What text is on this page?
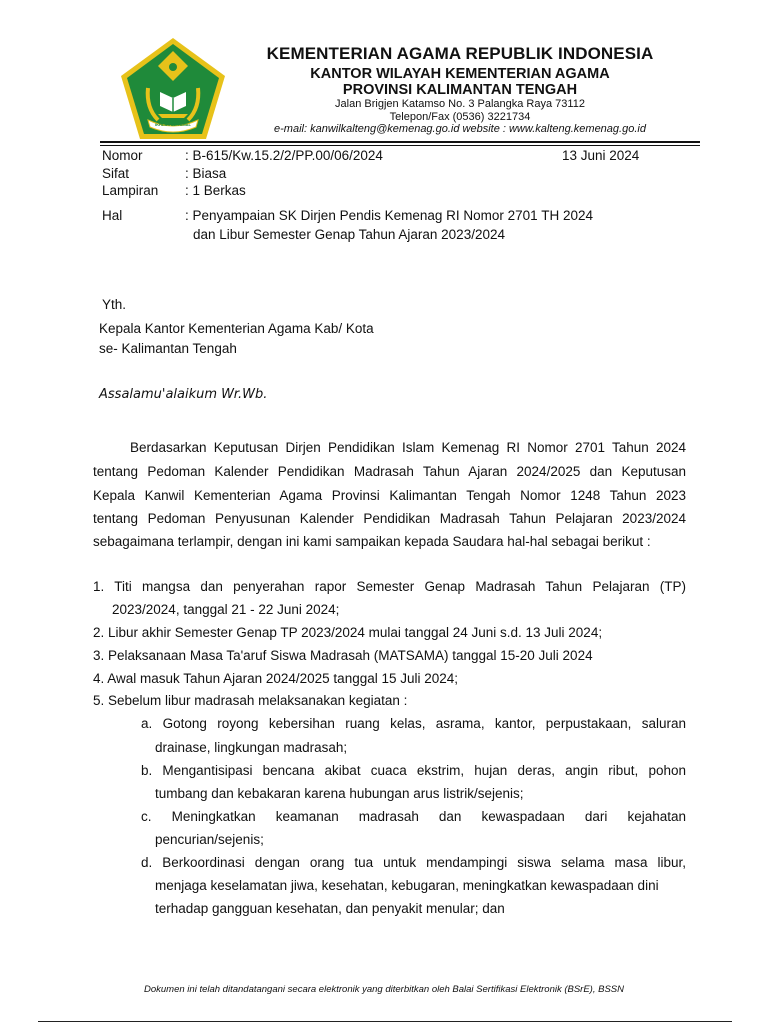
IKHLAS BERAMAL
KEMENTERIAN AGAMA REPUBLIK INDONESIA
KANTOR WILAYAH KEMENTERIAN AGAMA
PROVINSI KALIMANTAN TENGAH
Jalan Brigjen Katamso No. 3 Palangka Raya 73112
Telepon/Fax (0536) 3221734
e-mail: kanwilkalteng@kemenag.go.id website : www.kalteng.kemenag.go.id
Nomor	: B-615/Kw.15.2/2/PP.00/06/2024	13 Juni 2024
Sifat	: Biasa
Lampiran : 1 Berkas
Hal	: Penyampaian SK Dirjen Pendis Kemenag RI Nomor 2701 TH 2024
dan Libur Semester Genap Tahun Ajaran 2023/2024
Yth.
Kepala Kantor Kementerian Agama Kab/ Kota
se- Kalimantan Tengah
Assalamu'alaikum Wr.Wb.
Berdasarkan Keputusan Dirjen Pendidikan Islam Kemenag RI Nomor 2701 Tahun 2024
tentang Pedoman Kalender Pendidikan Madrasah Tahun Ajaran 2024/2025 dan Keputusan
Kepala Kanwil Kementerian Agama Provinsi Kalimantan Tengah Nomor 1248 Tahun 2023
tentang Pedoman Penyusunan Kalender Pendidikan Madrasah Tahun Pelajaran 2023/2024
sebagaimana terlampir, dengan ini kami sampaikan kepada Saudara hal-hal sebagai berikut :
1. Titi mangsa dan penyerahan rapor Semester Genap Madrasah Tahun Pelajaran (TP)
2023/2024, tanggal 21 - 22 Juni 2024;
2. Libur akhir Semester Genap TP 2023/2024 mulai tanggal 24 Juni s.d. 13 Juli 2024;
3. Pelaksanaan Masa Ta'aruf Siswa Madrasah (MATSAMA) tanggal 15-20 Juli 2024
4. Awal masuk Tahun Ajaran 2024/2025 tanggal 15 Juli 2024;
5. Sebelum libur madrasah melaksanakan kegiatan :
a. Gotong royong kebersihan ruang kelas, asrama, kantor, perpustakaan, saluran
drainase, lingkungan madrasah;
b. Mengantisipasi bencana akibat cuaca ekstrim, hujan deras, angin ribut, pohon
tumbang dan kebakaran karena hubungan arus listrik/sejenis;
c. Meningkatkan keamanan madrasah dan kewaspadaan dari kejahatan
pencurian/sejenis;
d. Berkoordinasi dengan orang tua untuk mendampingi siswa selama masa libur,
menjaga keselamatan jiwa, kesehatan, kebugaran, meningkatkan kewaspadaan dini
terhadap gangguan kesehatan, dan penyakit menular; dan
Dokumen ini telah ditandatangani secara elektronik yang diterbitkan oleh Balai Sertifikasi Elektronik (BSrE), BSSN
